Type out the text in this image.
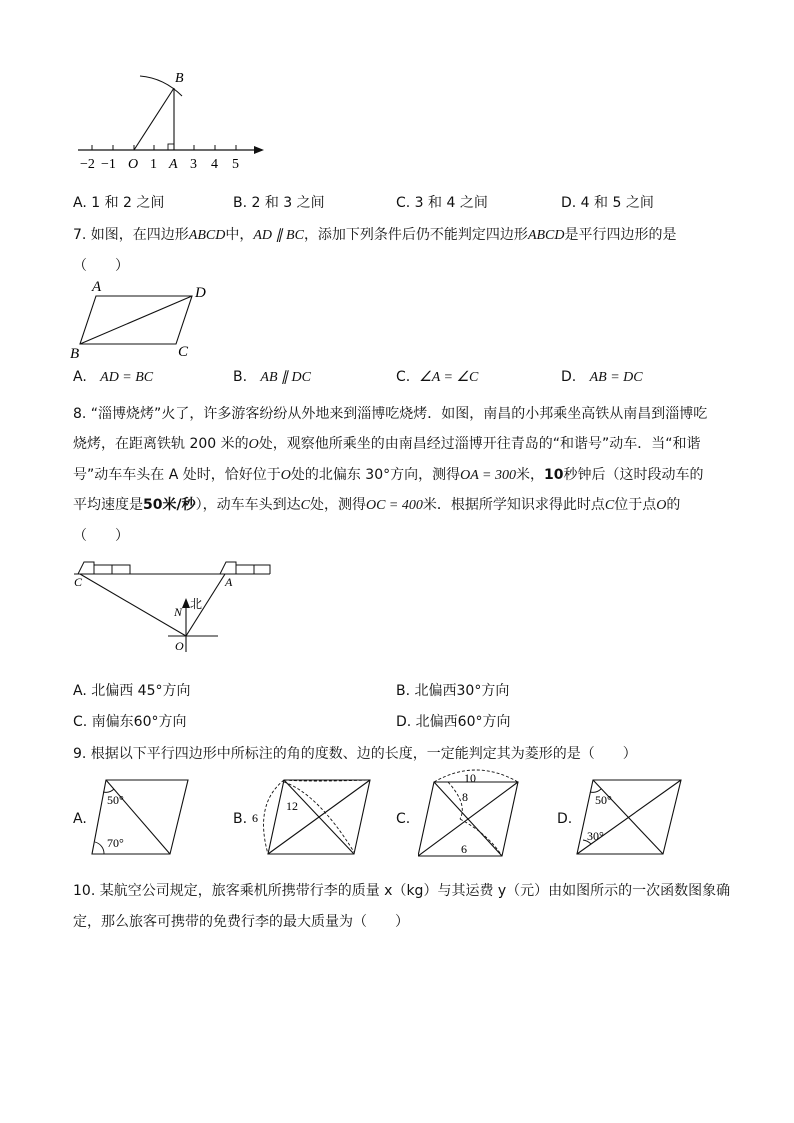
B
−2 −1 O 1 A 3 4 5
A. 1 和 2 之间	B. 2 和 3 之间	C. 3 和 4 之间	D. 4 和 5 之间
7. 如图，在四边形ABCD中，AD ∥ BC，添加下列条件后仍不能判定四边形ABCD是平行四边形的是
（　　）
A	D
B	C
A. AD = BC	B. AB ∥ DC	C. ∠A = ∠C	D. AB = DC
8. “淄博烧烤”火了，许多游客纷纷从外地来到淄博吃烧烤．如图，南昌的小邦乘坐高铁从南昌到淄博吃
烧烤，在距离铁轨 200 米的O处，观察他所乘坐的由南昌经过淄博开往青岛的“和谐号”动车．当“和谐
号”动车车头在 A 处时，恰好位于O处的北偏东 30°方向，测得OA = 300米，10秒钟后（这时段动车的
平均速度是50米/秒），动车车头到达C处，测得OC = 400米．根据所学知识求得此时点C位于点O的
（　　）
C	A
N
北
O
A. 北偏西 45°方向	B. 北偏西30°方向
C. 南偏东60°方向	D. 北偏西60°方向
9. 根据以下平行四边形中所标注的角的度数、边的长度，一定能判定其为菱形的是（　　）
A.
50°
70°
B.
12
6	C.
10
8
6
D.
50°
30°
10. 某航空公司规定，旅客乘机所携带行李的质量 x（kg）与其运费 y（元）由如图所示的一次函数图象确
定，那么旅客可携带的免费行李的最大质量为（　　）
